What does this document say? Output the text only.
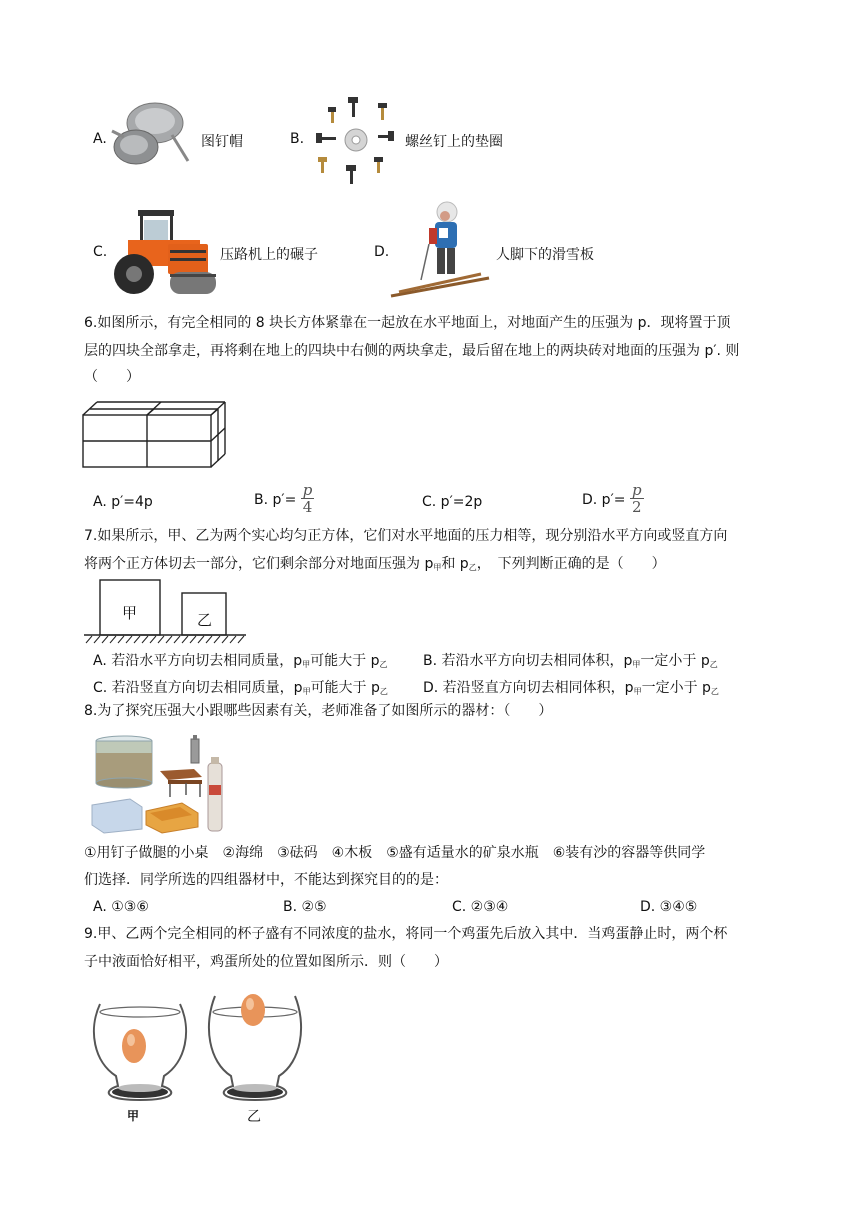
A.	图钉帽	B.	螺丝钉上的垫圈
C.	压路机上的碾子	D.	人脚下的滑雪板
6.如图所示，有完全相同的 8 块长方体紧靠在一起放在水平地面上，对地面产生的压强为 p．现将置于顶
层的四块全部拿走，再将剩在地上的四块中右侧的两块拿走，最后留在地上的两块砖对地面的压强为 p′. 则
（　　）
A. p′=4p	B. $p'= \frac{p}{4}$	C. p′=2p	D. $p'= \frac{p}{2}$
7.如果所示，甲、乙为两个实心均匀正方体，它们对水平地面的压力相等，现分别沿水平方向或竖直方向
将两个正方体切去一部分，它们剩余部分对地面压强为 $p_甲$和 $p_乙$，　下列判断正确的是（　　）
甲	乙
A. 若沿水平方向切去相同质量，$p_甲$可能大于 $p_乙$	B. 若沿水平方向切去相同体积，$p_甲$一定小于 $p_乙$
C. 若沿竖直方向切去相同质量，$p_甲$可能大于 $p_乙$	D. 若沿竖直方向切去相同体积，$p_甲$一定小于 $p_乙$
8.为了探究压强大小跟哪些因素有关，老师准备了如图所示的器材：（　　）
①用钉子做腿的小桌　②海绵　③砝码　④木板　⑤盛有适量水的矿泉水瓶　⑥装有沙的容器等供同学
们选择．同学所选的四组器材中，不能达到探究目的的是：
A. ①③⑥	B. ②⑤	C. ②③④	D. ③④⑤
9.甲、乙两个完全相同的杯子盛有不同浓度的盐水，将同一个鸡蛋先后放入其中．当鸡蛋静止时，两个杯
子中液面恰好相平，鸡蛋所处的位置如图所示．则（　　）
甲	乙
